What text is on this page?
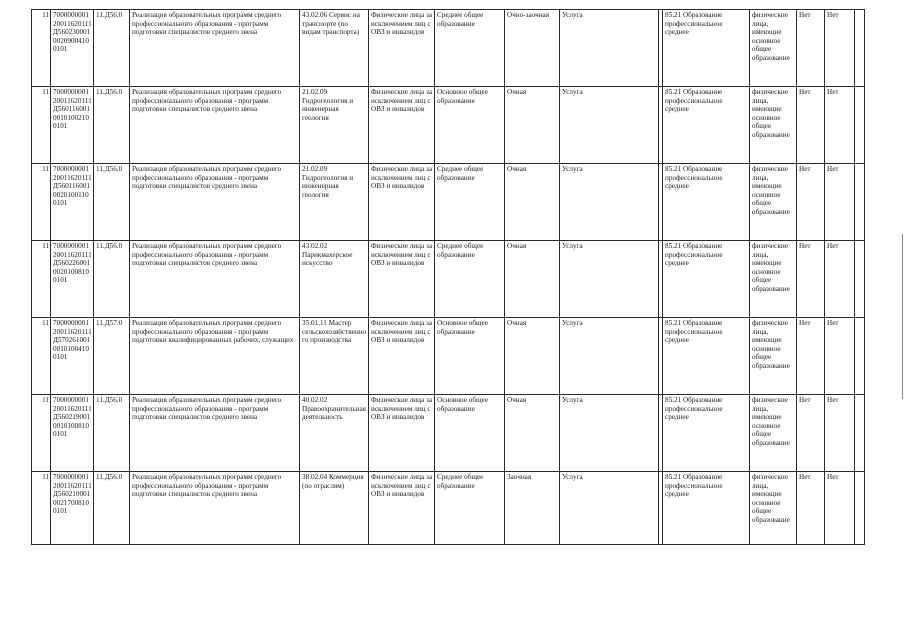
11	700000000120011620111Д56023000100209004100101	11.Д56.0	Реализация образовательных программ среднего профессионального образования - программ подготовки специалистов среднего звена	43.02.06 Сервис на транспорте (по видам транспорта)	Физические лица за исключением лиц с ОВЗ и инвалидов	Среднее общее образование	Очно-заочная	Услуга		85.21 Образование профессиональное среднее	физические лица, имеющие основное общее образование	Нет	Нет	
11	700000000120011620111Д56011600100101002100101	11.Д56.0	Реализация образовательных программ среднего профессионального образования - программ подготовки специалистов среднего звена	21.02.09 Гидрогеология и инженерная геология	Физические лица за исключением лиц с ОВЗ и инвалидов	Основное общее образование	Очная	Услуга		85.21 Образование профессиональное среднее	физические лица, имеющие основное общее образование	Нет	Нет	
11	700000000120011620111Д56011600100201001100101	11.Д56.0	Реализация образовательных программ среднего профессионального образования - программ подготовки специалистов среднего звена	21.02.09 Гидрогеология и инженерная геология	Физические лица за исключением лиц с ОВЗ и инвалидов	Среднее общее образование	Очная	Услуга		85.21 Образование профессиональное среднее	физические лица, имеющие основное общее образование	Нет	Нет	
11	700000000120011620111Д56022600100201008100101	11.Д56.0	Реализация образовательных программ среднего профессионального образования - программ подготовки специалистов среднего звена	43.02.02 Парикмахерское искусство	Физические лица за исключением лиц с ОВЗ и инвалидов	Среднее общее образование	Очная	Услуга		85.21 Образование профессиональное среднее	физические лица, имеющие основное общее образование	Нет	Нет	
11	700000000120011620111Д57026100100101004100101	11.Д57.0	Реализация образовательных программ среднего профессионального образования - программ подготовки квалифицированных рабочих, служащих	35.01.11 Мастер сельскохозяйственного производства	Физические лица за исключением лиц с ОВЗ и инвалидов	Основное общее образование	Очная	Услуга		85.21 Образование профессиональное среднее	физические лица, имеющие основное общее образование	Нет	Нет	
11	700000000120011620111Д56021900100101008100101	11.Д56.0	Реализация образовательных программ среднего профессионального образования - программ подготовки специалистов среднего звена	40.02.02 Правоохранительная деятельность	Физические лица за исключением лиц с ОВЗ и инвалидов	Основное общее образование	Очная	Услуга		85.21 Образование профессиональное среднее	физические лица, имеющие основное общее образование	Нет	Нет	
11	700000000120011620111Д56021000100217008100101	11.Д56.0	Реализация образовательных программ среднего профессионального образования - программ подготовки специалистов среднего звена	38.02.04 Коммерция (по отраслям)	Физические лица за исключением лиц с ОВЗ и инвалидов	Среднее общее образование	Заочная	Услуга		85.21 Образование профессиональное среднее	физические лица, имеющие основное общее образование	Нет	Нет	
